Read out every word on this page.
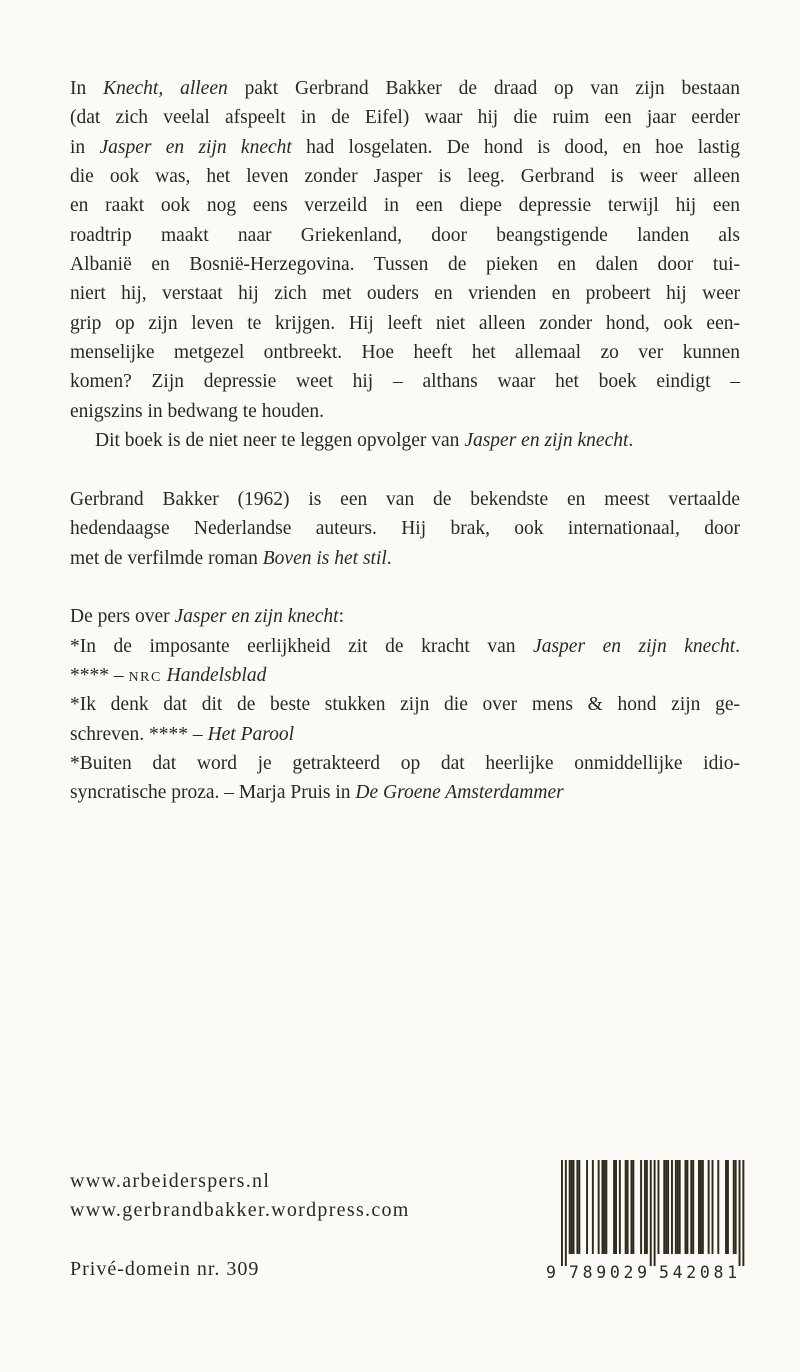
In Knecht, alleen pakt Gerbrand Bakker de draad op van zijn bestaan
(dat zich veelal afspeelt in de Eifel) waar hij die ruim een jaar eerder
in Jasper en zijn knecht had losgelaten. De hond is dood, en hoe lastig
die ook was, het leven zonder Jasper is leeg. Gerbrand is weer alleen
en raakt ook nog eens verzeild in een diepe depressie terwijl hij een
roadtrip maakt naar Griekenland, door beangstigende landen als
Albanië en Bosnië-Herzegovina. Tussen de pieken en dalen door tui-
niert hij, verstaat hij zich met ouders en vrienden en probeert hij weer
grip op zijn leven te krijgen. Hij leeft niet alleen zonder hond, ook een-
menselijke metgezel ontbreekt. Hoe heeft het allemaal zo ver kunnen
komen? Zijn depressie weet hij – althans waar het boek eindigt –
enigszins in bedwang te houden.
Dit boek is de niet neer te leggen opvolger van Jasper en zijn knecht.
Gerbrand Bakker (1962) is een van de bekendste en meest vertaalde
hedendaagse Nederlandse auteurs. Hij brak, ook internationaal, door
met de verfilmde roman Boven is het stil.
De pers over Jasper en zijn knecht:
*In de imposante eerlijkheid zit de kracht van Jasper en zijn knecht.
**** – nrc Handelsblad
*Ik denk dat dit de beste stukken zijn die over mens & hond zijn ge-
schreven. **** – Het Parool
*Buiten dat word je getrakteerd op dat heerlijke onmiddellijke idio-
syncratische proza. – Marja Pruis in De Groene Amsterdammer
www.arbeiderspers.nl
www.gerbrandbakker.wordpress.com
Privé-domein nr. 309	9 789029 542081
